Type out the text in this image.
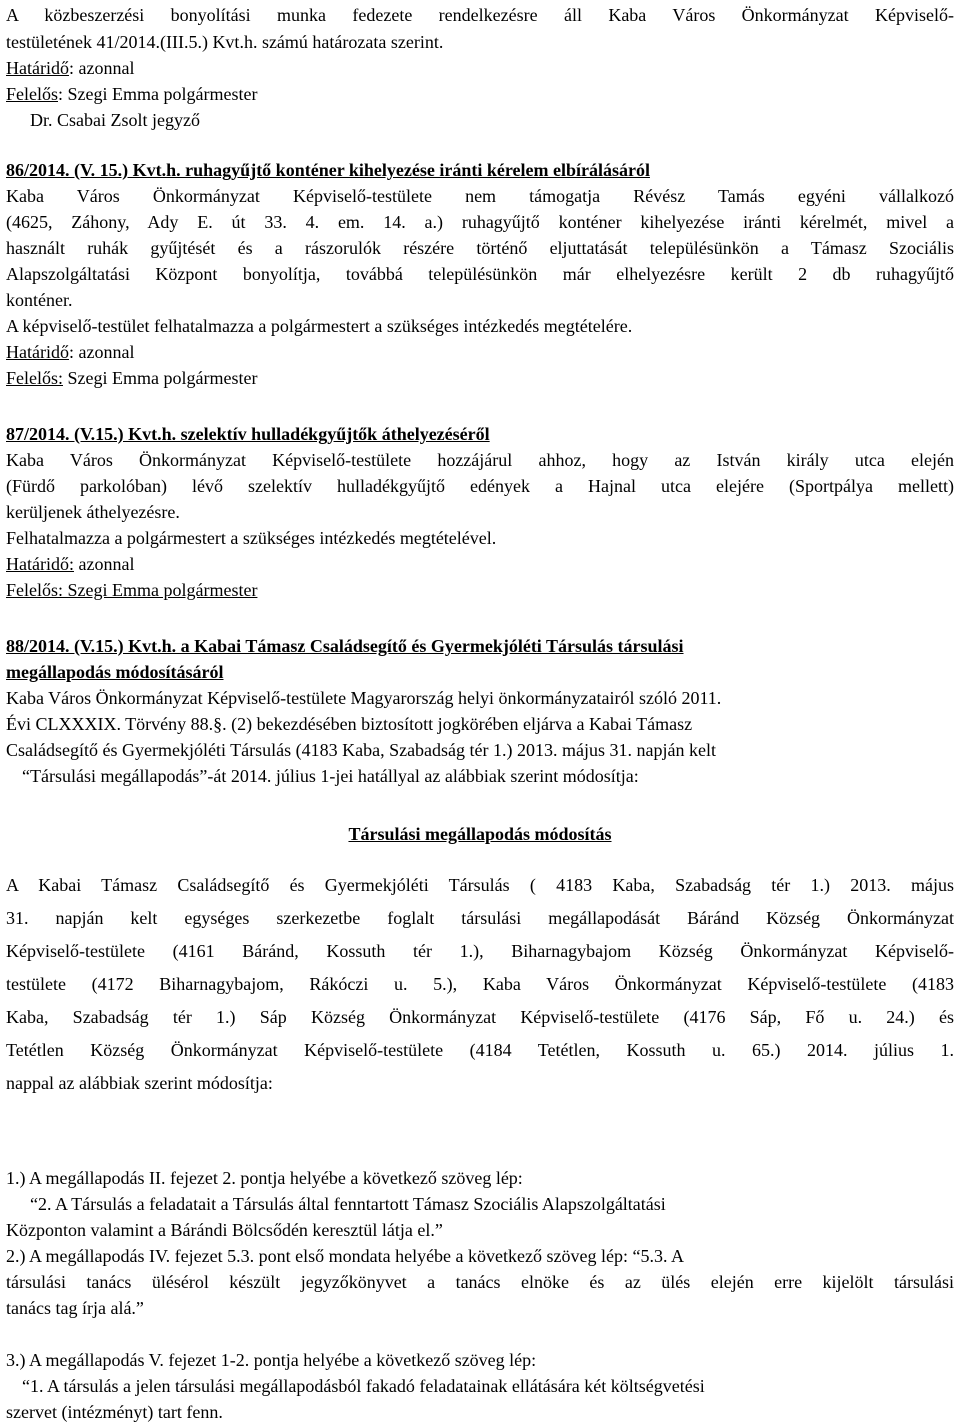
A közbeszerzési bonyolítási munka fedezete rendelkezésre áll Kaba Város Önkormányzat Képviselő-

testületének 41/2014.(III.5.) Kvt.h. számú határozata szerint.

Határidő: azonnal

Felelős: Szegi Emma polgármester

Dr. Csabai Zsolt jegyző

86/2014. (V. 15.) Kvt.h. ruhagyűjtő konténer kihelyezése iránti kérelem elbírálásáról

Kaba Város Önkormányzat Képviselő-testülete nem támogatja Révész Tamás egyéni vállalkozó

(4625, Záhony, Ady E. út 33. 4. em. 14. a.) ruhagyűjtő konténer kihelyezése iránti kérelmét, mivel a

használt ruhák gyűjtését és a rászorulók részére történő eljuttatását településünkön a Támasz Szociális

Alapszolgáltatási Központ bonyolítja, továbbá településünkön már elhelyezésre került 2 db ruhagyűjtő

konténer.

A képviselő-testület felhatalmazza a polgármestert a szükséges intézkedés megtételére.

Határidő: azonnal

Felelős: Szegi Emma polgármester

87/2014. (V.15.) Kvt.h. szelektív hulladékgyűjtők áthelyezéséről

Kaba Város Önkormányzat Képviselő-testülete hozzájárul ahhoz, hogy az István király utca elején

(Fürdő parkolóban) lévő szelektív hulladékgyűjtő edények a Hajnal utca elejére (Sportpálya mellett)

kerüljenek áthelyezésre.

Felhatalmazza a polgármestert a szükséges intézkedés megtételével.

Határidő: azonnal

Felelős: Szegi Emma polgármester

88/2014. (V.15.) Kvt.h. a Kabai Támasz Családsegítő és Gyermekjóléti Társulás társulási

megállapodás módosításáról

Kaba Város Önkormányzat Képviselő-testülete Magyarország helyi önkormányzatairól szóló 2011.

Évi CLXXXIX. Törvény 88.§. (2) bekezdésében biztosított jogkörében eljárva a Kabai Támasz

Családsegítő és Gyermekjóléti Társulás (4183 Kaba, Szabadság tér 1.) 2013. május 31. napján kelt

“Társulási megállapodás”-át 2014. július 1-jei hatállyal az alábbiak szerint módosítja:

Társulási megállapodás módosítás

A Kabai Támasz Családsegítő és Gyermekjóléti Társulás ( 4183 Kaba, Szabadság tér 1.) 2013. május

31. napján kelt egységes szerkezetbe foglalt társulási megállapodását Báránd Község Önkormányzat

Képviselő-testülete (4161 Báránd, Kossuth tér 1.), Biharnagybajom Község Önkormányzat Képviselő-

testülete (4172 Biharnagybajom, Rákóczi u. 5.), Kaba Város Önkormányzat Képviselő-testülete (4183

Kaba, Szabadság tér 1.) Sáp Község Önkormányzat Képviselő-testülete (4176 Sáp, Fő u. 24.) és

Tetétlen Község Önkormányzat Képviselő-testülete (4184 Tetétlen, Kossuth u. 65.) 2014. július 1.

nappal az alábbiak szerint módosítja:

1.) A megállapodás II. fejezet 2. pontja helyébe a következő szöveg lép:

“2. A Társulás a feladatait a Társulás által fenntartott Támasz Szociális Alapszolgáltatási

Központon valamint a Bárándi Bölcsődén keresztül látja el.”

2.) A megállapodás IV. fejezet 5.3. pont első mondata helyébe a következő szöveg lép: “5.3. A

társulási tanács ülésérol készült jegyzőkönyvet a tanács elnöke és az ülés elején erre kijelölt társulási

tanács tag írja alá.”

3.) A megállapodás V. fejezet 1-2. pontja helyébe a következő szöveg lép:

“1. A társulás a jelen társulási megállapodásból fakadó feladatainak ellátására két költségvetési

szervet (intézményt) tart fenn.
